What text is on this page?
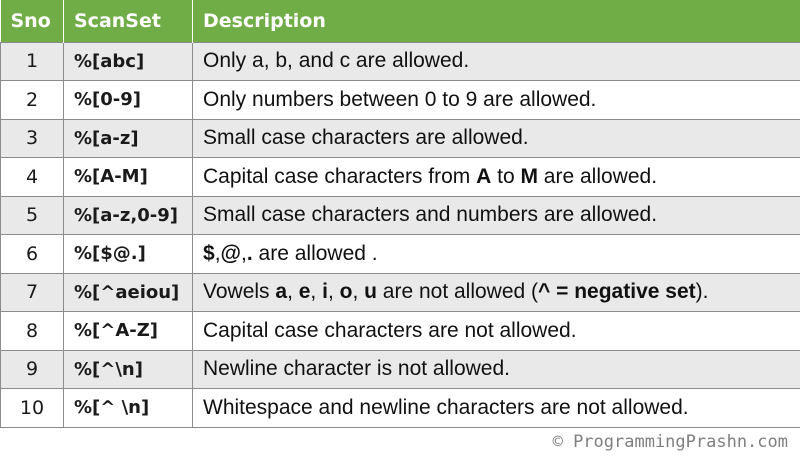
Sno	ScanSet	Description
1	%[abc]	Only a, b, and c are allowed.
2	%[0-9]	Only numbers between 0 to 9 are allowed.
3	%[a-z]	Small case characters are allowed.
4	%[A-M]	Capital case characters from A to M are allowed.
5	%[a-z,0-9]	Small case characters and numbers are allowed.
6	%[$@.]	$,@,. are allowed .
7	%[^aeiou]	Vowels a, e, i, o, u are not allowed (^ = negative set).
8	%[^A-Z]	Capital case characters are not allowed.
9	%[^\n]	Newline character is not allowed.
10	%[^ \n]	Whitespace and newline characters are not allowed.
© ProgrammingPrashn.com
